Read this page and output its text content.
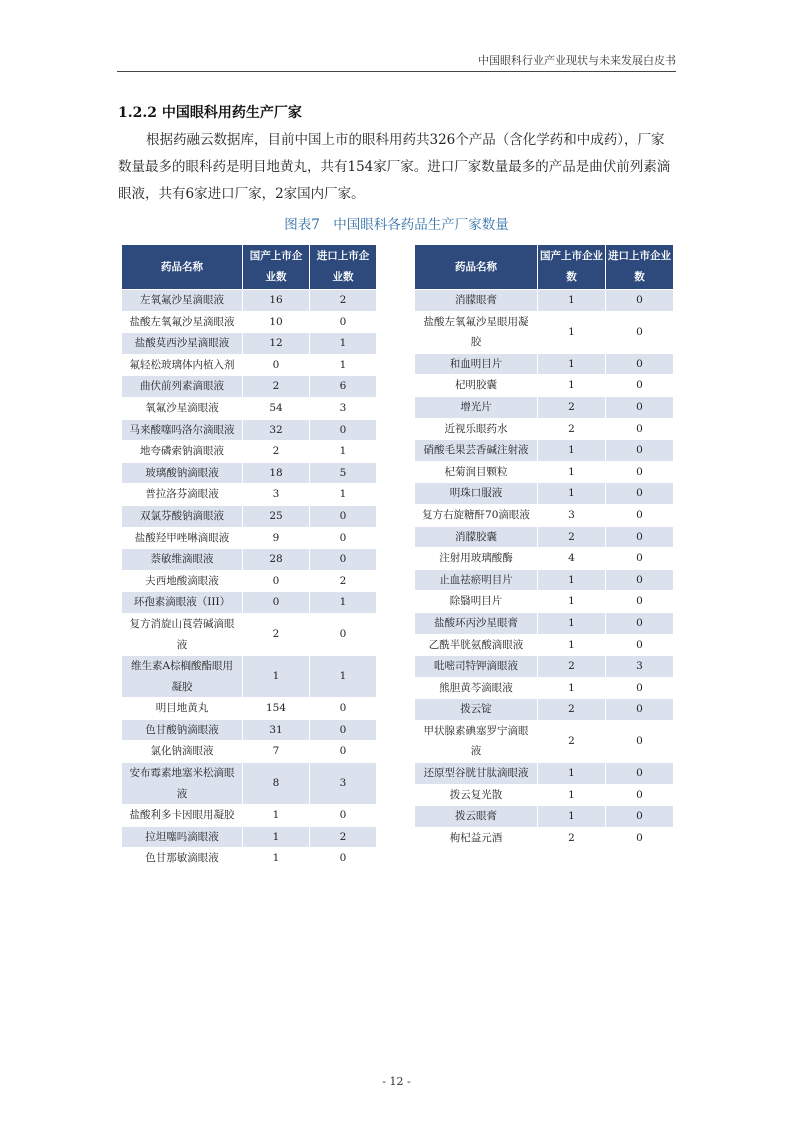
中国眼科行业产业现状与未来发展白皮书
1.2.2 中国眼科用药生产厂家
根据药融云数据库，目前中国上市的眼科用药共326个产品（含化学药和中成药），厂家数量最多的眼科药是明目地黄丸，共有154家厂家。进口厂家数量最多的产品是曲伏前列素滴眼液，共有6家进口厂家，2家国内厂家。
图表7　中国眼科各药品生产厂家数量
药品名称	国产上市企业数	进口上市企业数
左氧氟沙星滴眼液	16	2
盐酸左氧氟沙星滴眼液	10	0
盐酸莫西沙星滴眼液	12	1
氟轻松玻璃体内植入剂	0	1
曲伏前列素滴眼液	2	6
氧氟沙星滴眼液	54	3
马来酸噻吗洛尔滴眼液	32	0
地夸磷索钠滴眼液	2	1
玻璃酸钠滴眼液	18	5
普拉洛芬滴眼液	3	1
双氯芬酸钠滴眼液	25	0
盐酸羟甲唑啉滴眼液	9	0
萘敏维滴眼液	28	0
夫西地酸滴眼液	0	2
环孢素滴眼液（III）	0	1
复方消旋山莨菪碱滴眼液	2	0
维生素A棕榈酸酯眼用凝胶	1	1
明目地黄丸	154	0
色甘酸钠滴眼液	31	0
氯化钠滴眼液	7	0
安布霉素地塞米松滴眼液	8	3
盐酸利多卡因眼用凝胶	1	0
拉坦噻吗滴眼液	1	2
色甘那敏滴眼液	1	0
药品名称	国产上市企业数	进口上市企业数
消朦眼膏	1	0
盐酸左氧氟沙星眼用凝胶	1	0
和血明目片	1	0
杞明胶囊	1	0
增光片	2	0
近视乐眼药水	2	0
硝酸毛果芸香碱注射液	1	0
杞菊润目颗粒	1	0
明珠口服液	1	0
复方右旋糖酐70滴眼液	3	0
消朦胶囊	2	0
注射用玻璃酸酶	4	0
止血祛瘀明目片	1	0
除翳明目片	1	0
盐酸环丙沙星眼膏	1	0
乙酰半胱氨酸滴眼液	1	0
吡嘧司特钾滴眼液	2	3
熊胆黄芩滴眼液	1	0
拨云锭	2	0
甲状腺素碘塞罗宁滴眼液	2	0
还原型谷胱甘肽滴眼液	1	0
拨云复光散	1	0
拨云眼膏	1	0
枸杞益元酒	2	0
- 12 -
